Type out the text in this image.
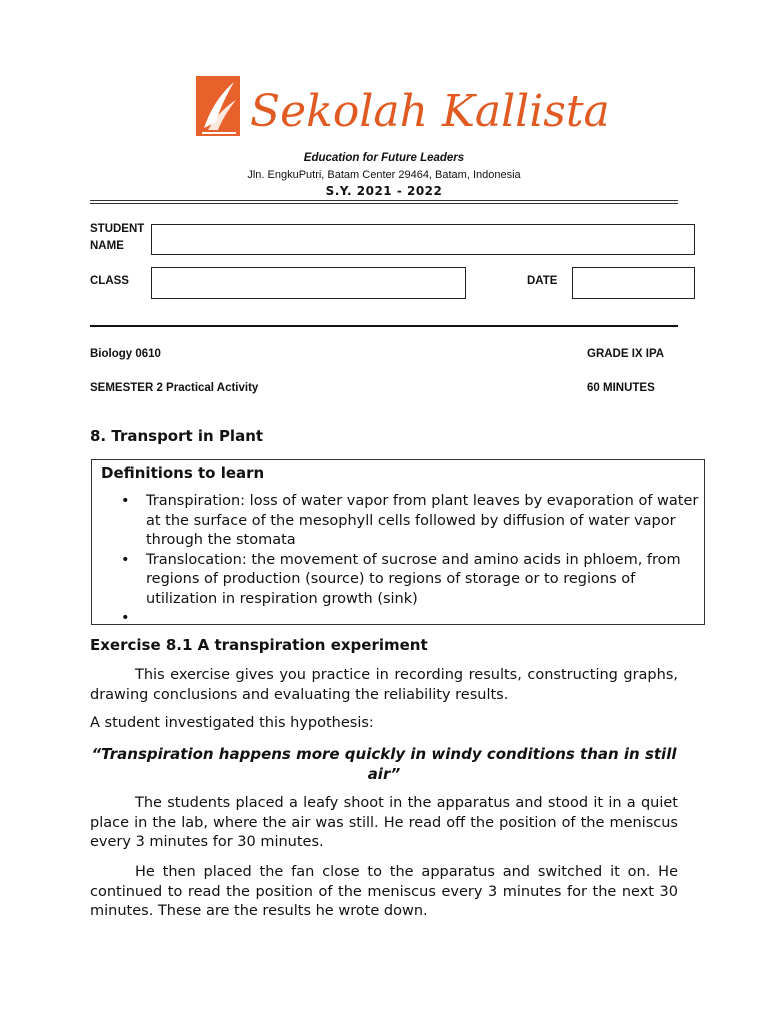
Sekolah Kallista
Education for Future Leaders
Jln. EngkuPutri, Batam Center 29464, Batam, Indonesia
S.Y. 2021 - 2022
STUDENT
NAME
CLASS	DATE
Biology 0610	GRADE IX IPA
SEMESTER 2 Practical Activity	60 MINUTES
8. Transport in Plant
Definitions to learn
• Transpiration: loss of water vapor from plant leaves by evaporation of water at the surface of the mesophyll cells followed by diffusion of water vapor through the stomata
• Translocation: the movement of sucrose and amino acids in phloem, from regions of production (source) to regions of storage or to regions of utilization in respiration growth (sink)
•
Exercise 8.1 A transpiration experiment
This exercise gives you practice in recording results, constructing graphs, drawing conclusions and evaluating the reliability results.
A student investigated this hypothesis:
“Transpiration happens more quickly in windy conditions than in still air”
The students placed a leafy shoot in the apparatus and stood it in a quiet place in the lab, where the air was still. He read off the position of the meniscus every 3 minutes for 30 minutes.
He then placed the fan close to the apparatus and switched it on. He continued to read the position of the meniscus every 3 minutes for the next 30 minutes. These are the results he wrote down.
